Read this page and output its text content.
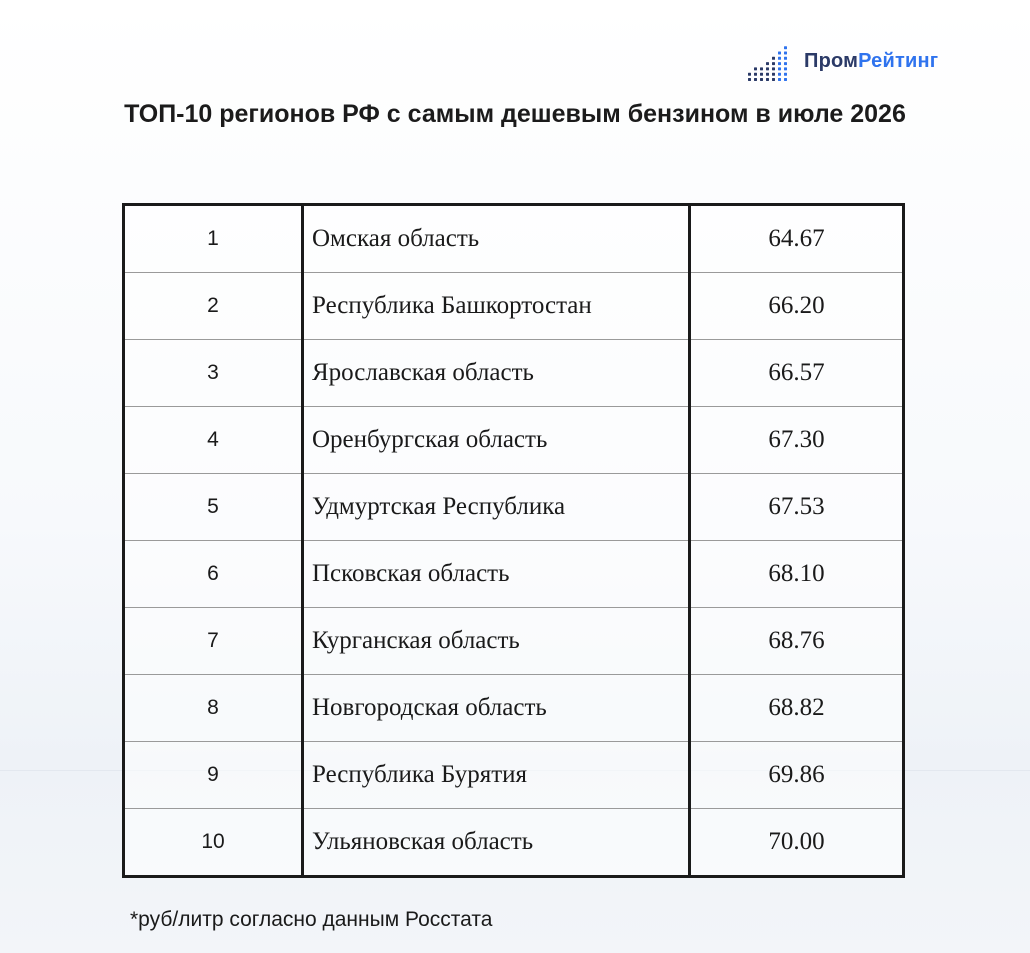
ПромРейтинг
ТОП-10 регионов РФ с самым дешевым бензином в июле 2026
1	Омская область	64.67
2	Республика Башкортостан	66.20
3	Ярославская область	66.57
4	Оренбургская область	67.30
5	Удмуртская Республика	67.53
6	Псковская область	68.10
7	Курганская область	68.76
8	Новгородская область	68.82
9	Республика Бурятия	69.86
10	Ульяновская область	70.00
*руб/литр согласно данным Росстата
